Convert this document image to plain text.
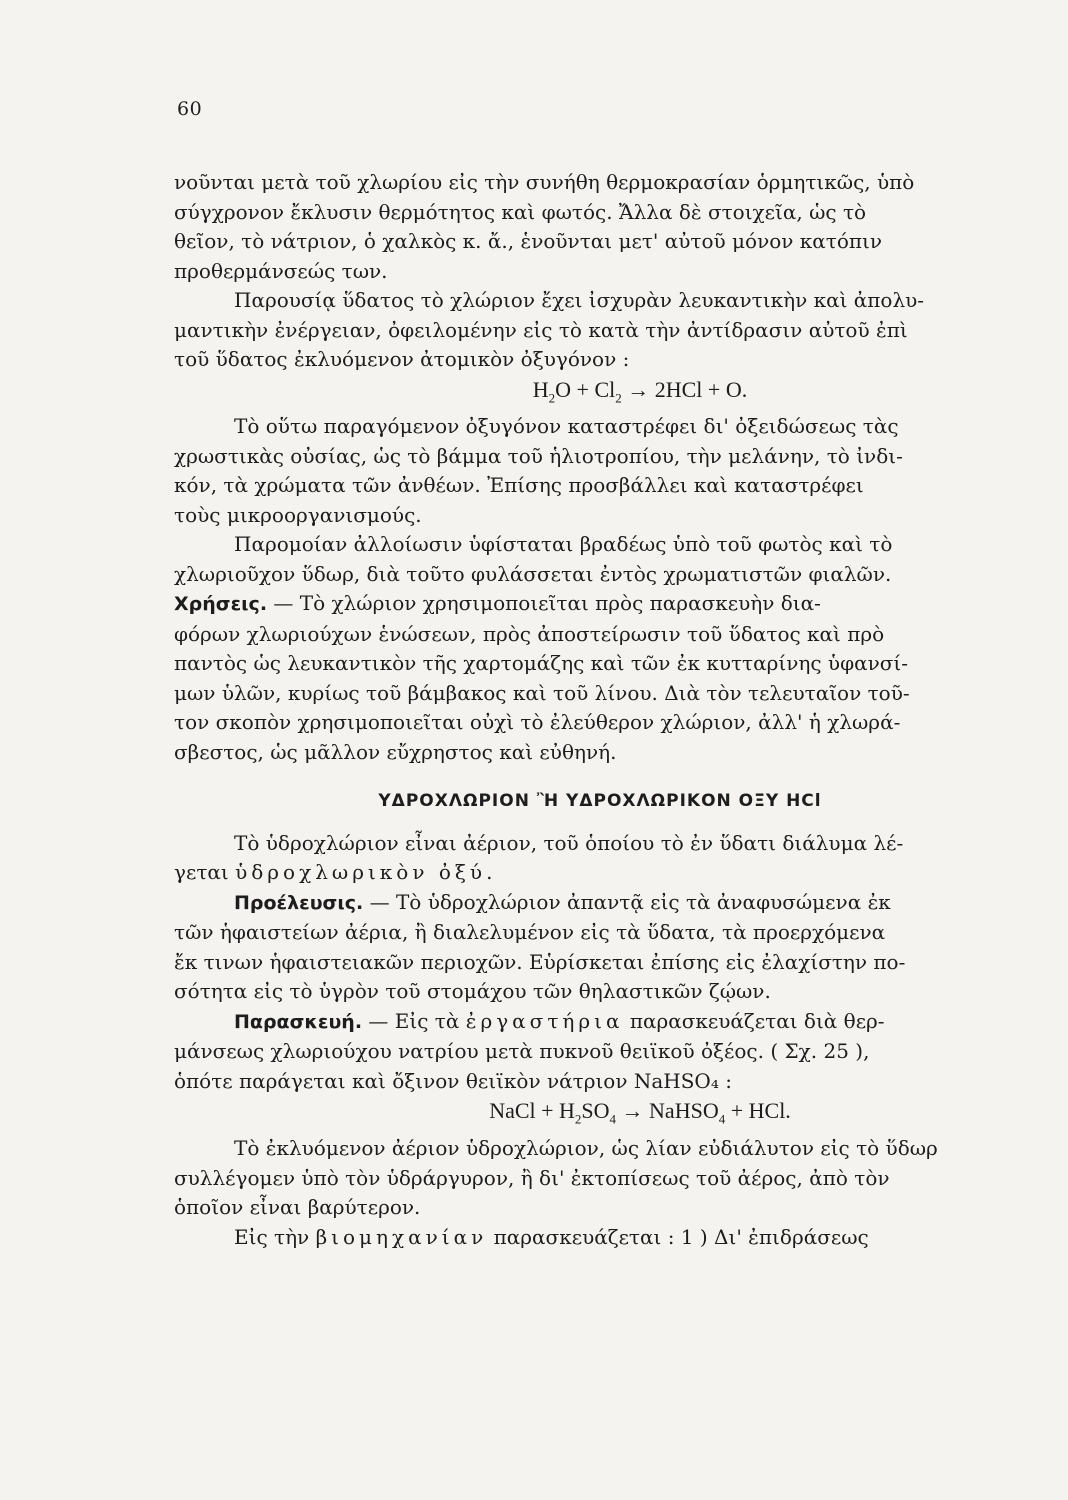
60

νοῦνται μετὰ τοῦ χλωρίου εἰς τὴν συνήθη θερμοκρασίαν ὁρμητικῶς, ὑπὸ

σύγχρονον ἔκλυσιν θερμότητος καὶ φωτός. Ἄλλα δὲ στοιχεῖα, ὡς τὸ

θεῖον, τὸ νάτριον, ὁ χαλκὸς κ. ἄ., ἑνοῦνται μετ' αὐτοῦ μόνον κατόπιν

προθερμάνσεώς των.

Παρουσίᾳ ὕδατος τὸ χλώριον ἔχει ἰσχυρὰν λευκαντικὴν καὶ ἀπολυ-

μαντικὴν ἐνέργειαν, ὀφειλομένην εἰς τὸ κατὰ τὴν ἀντίδρασιν αὐτοῦ ἐπὶ

τοῦ ὕδατος ἐκλυόμενον ἀτομικὸν ὀξυγόνον :

$H_2O + Cl_2 \to 2HCl + O$.

Τὸ οὕτω παραγόμενον ὀξυγόνον καταστρέφει δι' ὀξειδώσεως τὰς

χρωστικὰς οὐσίας, ὡς τὸ βάμμα τοῦ ἡλιοτροπίου, τὴν μελάνην, τὸ ἰνδι-

κόν, τὰ χρώματα τῶν ἀνθέων. Ἐπίσης προσβάλλει καὶ καταστρέφει

τοὺς μικροοργανισμούς.

Παρομοίαν ἀλλοίωσιν ὑφίσταται βραδέως ὑπὸ τοῦ φωτὸς καὶ τὸ

χλωριοῦχον ὕδωρ, διὰ τοῦτο φυλάσσεται ἐντὸς χρωματιστῶν φιαλῶν.

Χρήσεις. — Τὸ χλώριον χρησιμοποιεῖται πρὸς παρασκευὴν δια-

φόρων χλωριούχων ἑνώσεων, πρὸς ἀποστείρωσιν τοῦ ὕδατος καὶ πρὸ

παντὸς ὡς λευκαντικὸν τῆς χαρτομάζης καὶ τῶν ἐκ κυτταρίνης ὑφανσί-

μων ὑλῶν, κυρίως τοῦ βάμβακος καὶ τοῦ λίνου. Διὰ τὸν τελευταῖον τοῦ-

τον σκοπὸν χρησιμοποιεῖται οὐχὶ τὸ ἐλεύθερον χλώριον, ἀλλ' ἡ χλωρά-

σβεστος, ὡς μᾶλλον εὔχρηστος καὶ εὐθηνή.

ΥΔΡΟΧΛΩΡΙΟΝ Ἢ ΥΔΡΟΧΛΩΡΙΚΟΝ ΟΞΥ HCl

Τὸ ὑδροχλώριον εἶναι ἀέριον, τοῦ ὁποίου τὸ ἐν ὕδατι διάλυμα λέ-

γεται ὑδροχλωρικὸν ὀξύ.

Προέλευσις. — Τὸ ὑδροχλώριον ἀπαντᾷ εἰς τὰ ἀναφυσώμενα ἐκ

τῶν ἡφαιστείων ἀέρια, ἢ διαλελυμένον εἰς τὰ ὕδατα, τὰ προερχόμενα

ἔκ τινων ἡφαιστειακῶν περιοχῶν. Εὑρίσκεται ἐπίσης εἰς ἐλαχίστην πο-

σότητα εἰς τὸ ὑγρὸν τοῦ στομάχου τῶν θηλαστικῶν ζῴων.

Παρασκευή. — Εἰς τὰ ἐργαστήρια παρασκευάζεται διὰ θερ-

μάνσεως χλωριούχου νατρίου μετὰ πυκνοῦ θειϊκοῦ ὀξέος. ( Σχ. 25 ),

ὁπότε παράγεται καὶ ὄξινον θειϊκὸν νάτριον NaHSO₄ :

NaCl + $H_2SO_4$ → NaHSO$_4$ + HCl.

Τὸ ἐκλυόμενον ἀέριον ὑδροχλώριον, ὡς λίαν εὐδιάλυτον εἰς τὸ ὕδωρ

συλλέγομεν ὑπὸ τὸν ὑδράργυρον, ἢ δι' ἐκτοπίσεως τοῦ ἀέρος, ἀπὸ τὸν

ὁποῖον εἶναι βαρύτερον.

Εἰς τὴν βιομηχανίαν παρασκευάζεται : 1 ) Δι' ἐπιδράσεως
